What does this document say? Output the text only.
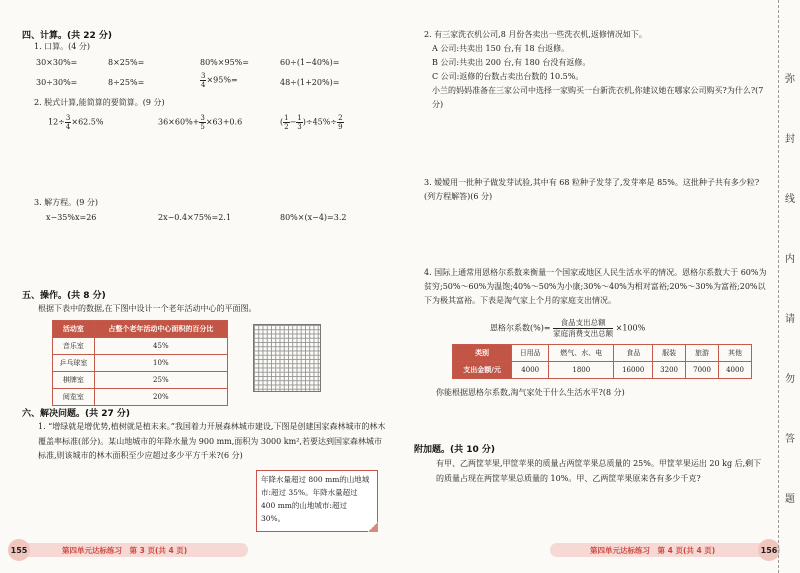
四、计算。(共 22 分)
1. 口算。(4 分)
30×30%=	8×25%=	80%×95%=	60÷(1−40%)=
30÷30%=	8÷25%=	$\frac{3}{4}\times 95\%=$	48÷(1+20%)=
2. 脱式计算,能简算的要简算。(9 分)
$12\div \frac{3}{4}\times 62.5\%$	$36\times 60\%+ \frac{3}{5}\times 63+0.6$	( $\frac{1}{2}- \frac{1}{3})\div 45\%\div \frac{2}{9}$
3. 解方程。(9 分)
x−35%x=26	2x−0.4×75%=2.1	80%×(x−4)=3.2
五、操作。(共 8 分)
根据下表中的数据,在下图中设计一个老年活动中心的平面图。
活动室	占整个老年活动中心面积的百分比
音乐室	45%
乒乓球室	10%
棋牌室	25%
阅览室	20%
六、解决问题。(共 27 分)
1. “增绿就是增优势,植树就是植未来。”我国着力开展森林城市建设,下图是创建国家森林城市的林木覆盖率标准(部分)。某山地城市的年降水量为 900 mm,面积为 3000 km²,若要达到国家森林城市标准,则该城市的林木面积至少应超过多少平方千米?(6 分)
年降水量超过 800 mm的山地城市:超过 35%。年降水量超过 400 mm的山地城市:超过 30%。
155	第四单元达标练习　第 3 页(共 4 页)
2. 有三家洗衣机公司,8 月份各卖出一些洗衣机,返修情况如下。
A 公司:共卖出 150 台,有 18 台返修。
B 公司:共卖出 200 台,有 180 台没有返修。
C 公司:返修的台数占卖出台数的 10.5%。
小兰的妈妈准备在三家公司中选择一家购买一台新洗衣机,你建议她在哪家公司购买?为什么?(7 分)
3. 嫒嫒用一批种子做发芽试验,其中有 68 粒种子发芽了,发芽率是 85%。这批种子共有多少粒?(列方程解答)(6 分)
4. 国际上通常用恩格尔系数来衡量一个国家或地区人民生活水平的情况。恩格尔系数大于 60%为贫穷;50%～60%为温饱;40%～50%为小康;30%～40%为相对富裕;20%～30%为富裕;20%以下为极其富裕。下表是淘气家上个月的家庭支出情况。
恩格尔系数(%)= $\frac{\text{食品支出总额}}{\text{家庭消费支出总额}} \times 100\%$
类别	日用品	燃气、水、电	食品	服装	旅游	其他
支出金额/元	4000	1800	16000	3200	7000	4000
你能根据恩格尔系数,淘气家处于什么生活水平?(8 分)
附加题。(共 10 分)
有甲、乙两筐苹果,甲筐苹果的质量占两筐苹果总质量的 25%。甲筐苹果运出 20 kg 后,剩下的质量占现在两筐苹果总质量的 10%。甲、乙两筐苹果原来各有多少千克?
156
第四单元达标练习　第 4 页(共 4 页)
弥
封
线
内
请
勿
答
题
